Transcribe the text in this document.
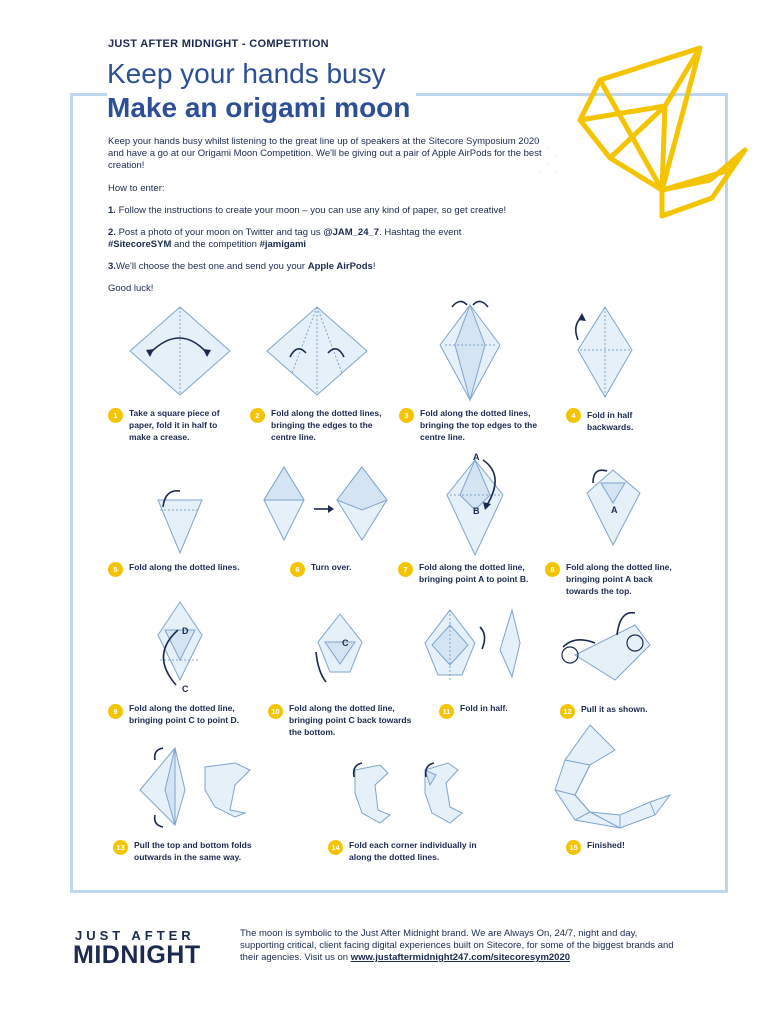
JUST AFTER MIDNIGHT - COMPETITION
Keep your hands busy
Make an origami moon
Keep your hands busy whilst listening to the great line up of speakers at the Sitecore Symposium 2020 and have a go at our Origami Moon Competition. We'll be giving out a pair of Apple AirPods for the best creation!
How to enter:
1. Follow the instructions to create your moon – you can use any kind of paper, so get creative!
2. Post a photo of your moon on Twitter and tag us @JAM_24_7. Hashtag the event
#SitecoreSYM and the competition #jamigami
3.We'll choose the best one and send you your Apple AirPods!
Good luck!
A
B	A
D
C
C
1	Take a square piece of paper, fold it in half to make a crease.
2	Fold along the dotted lines, bringing the edges to the centre line.
3	Fold along the dotted lines, bringing the top edges to the centre line.
4	Fold in half backwards.
5	Fold along the dotted lines.	6	Turn over.	7	Fold along the dotted line, bringing point A to point B.
8	Fold along the dotted line, bringing point A back towards the top.
9	Fold along the dotted line, bringing point C to point D.
10	Fold along the dotted line, bringing point C back towards the bottom.
11	Fold in half.	12	Pull it as shown.
13	Pull the top and bottom folds outwards in the same way.
14	Fold each corner individually in along the dotted lines.
15	Finished!
JUST AFTER
MIDNIGHT
The moon is symbolic to the Just After Midnight brand. We are Always On, 24/7, night and day, supporting critical, client facing digital experiences built on Sitecore, for some of the biggest brands and their agencies. Visit us on www.justaftermidnight247.com/sitecoresym2020
